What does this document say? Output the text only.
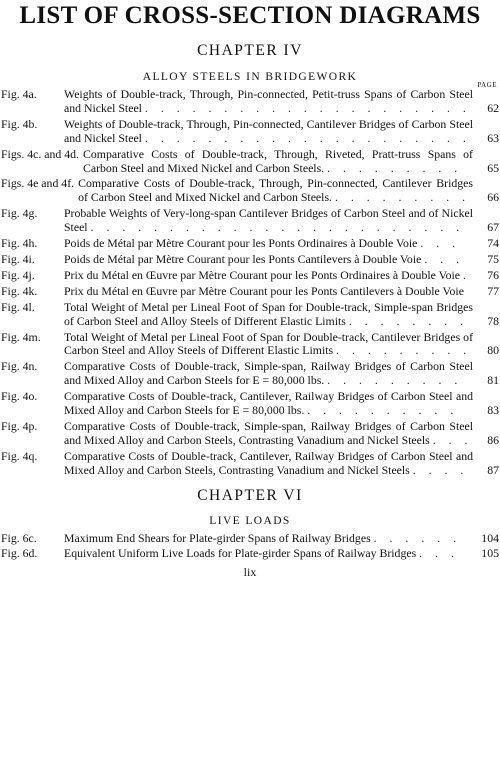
LIST OF CROSS-SECTION DIAGRAMS
CHAPTER IV
ALLOY STEELS IN BRIDGEWORK
PAGE
Fig. 4a.	Weights of Double-track, Through, Pin-connected, Petit-truss Spans of Carbon Steel and Nickel Steel . . . . . . . . . . . . . . . . . . . . .	62
Fig. 4b.	Weights of Double-track, Through, Pin-connected, Cantilever Bridges of Carbon Steel and Nickel Steel . . . . . . . . . . . . . . . . . . . . .	63
Figs. 4c. and 4d. Comparative Costs of Double-track, Through, Riveted, Pratt-truss Spans of Carbon Steel and Mixed Nickel and Carbon Steels. . . . . . . . . .	65
Figs. 4e and 4f. Comparative Costs of Double-track, Through, Pin-connected, Cantilever Bridges of Carbon Steel and Mixed Nickel and Carbon Steels. . . . . . . . . .	66
Fig. 4g.	Probable Weights of Very-long-span Cantilever Bridges of Carbon Steel and of Nickel Steel . . . . . . . . . . . . . . . . . . . . . . . .	67
Fig. 4h.	Poids de Métal par Mètre Courant pour les Ponts Ordinaires à Double Voie . . .	74
Fig. 4i.	Poids de Métal par Mètre Courant pour les Ponts Cantilevers à Double Voie . . .	75
Fig. 4j.	Prix du Métal en Œuvre par Mètre Courant pour les Ponts Ordinaires à Double Voie .	76
Fig. 4k.	Prix du Métal en Œuvre par Mètre Courant pour les Ponts Cantilevers à Double Voie	77
Fig. 4l.	Total Weight of Metal per Lineal Foot of Span for Double-track, Simple-span Bridges of Carbon Steel and Alloy Steels of Different Elastic Limits . . . . . . . .	78
Fig. 4m.	Total Weight of Metal per Lineal Foot of Span for Double-track, Cantilever Bridges of Carbon Steel and Alloy Steels of Different Elastic Limits . . . . . . . . .	80
Fig. 4n.	Comparative Costs of Double-track, Simple-span, Railway Bridges of Carbon Steel and Mixed Alloy and Carbon Steels for E = 80,000 lbs. . . . . . . . . .	81
Fig. 4o.	Comparative Costs of Double-track, Cantilever, Railway Bridges of Carbon Steel and Mixed Alloy and Carbon Steels for E = 80,000 lbs. . . . . . . . . . .	83
Fig. 4p.	Comparative Costs of Double-track, Simple-span, Railway Bridges of Carbon Steel and Mixed Alloy and Carbon Steels, Contrasting Vanadium and Nickel Steels . . .	86
Fig. 4q.	Comparative Costs of Double-track, Cantilever, Railway Bridges of Carbon Steel and Mixed Alloy and Carbon Steels, Contrasting Vanadium and Nickel Steels . . . .	87
CHAPTER VI
LIVE LOADS
Fig. 6c.	Maximum End Shears for Plate-girder Spans of Railway Bridges . . . . . .	104
Fig. 6d.	Equivalent Uniform Live Loads for Plate-girder Spans of Railway Bridges . . .	105
lix
